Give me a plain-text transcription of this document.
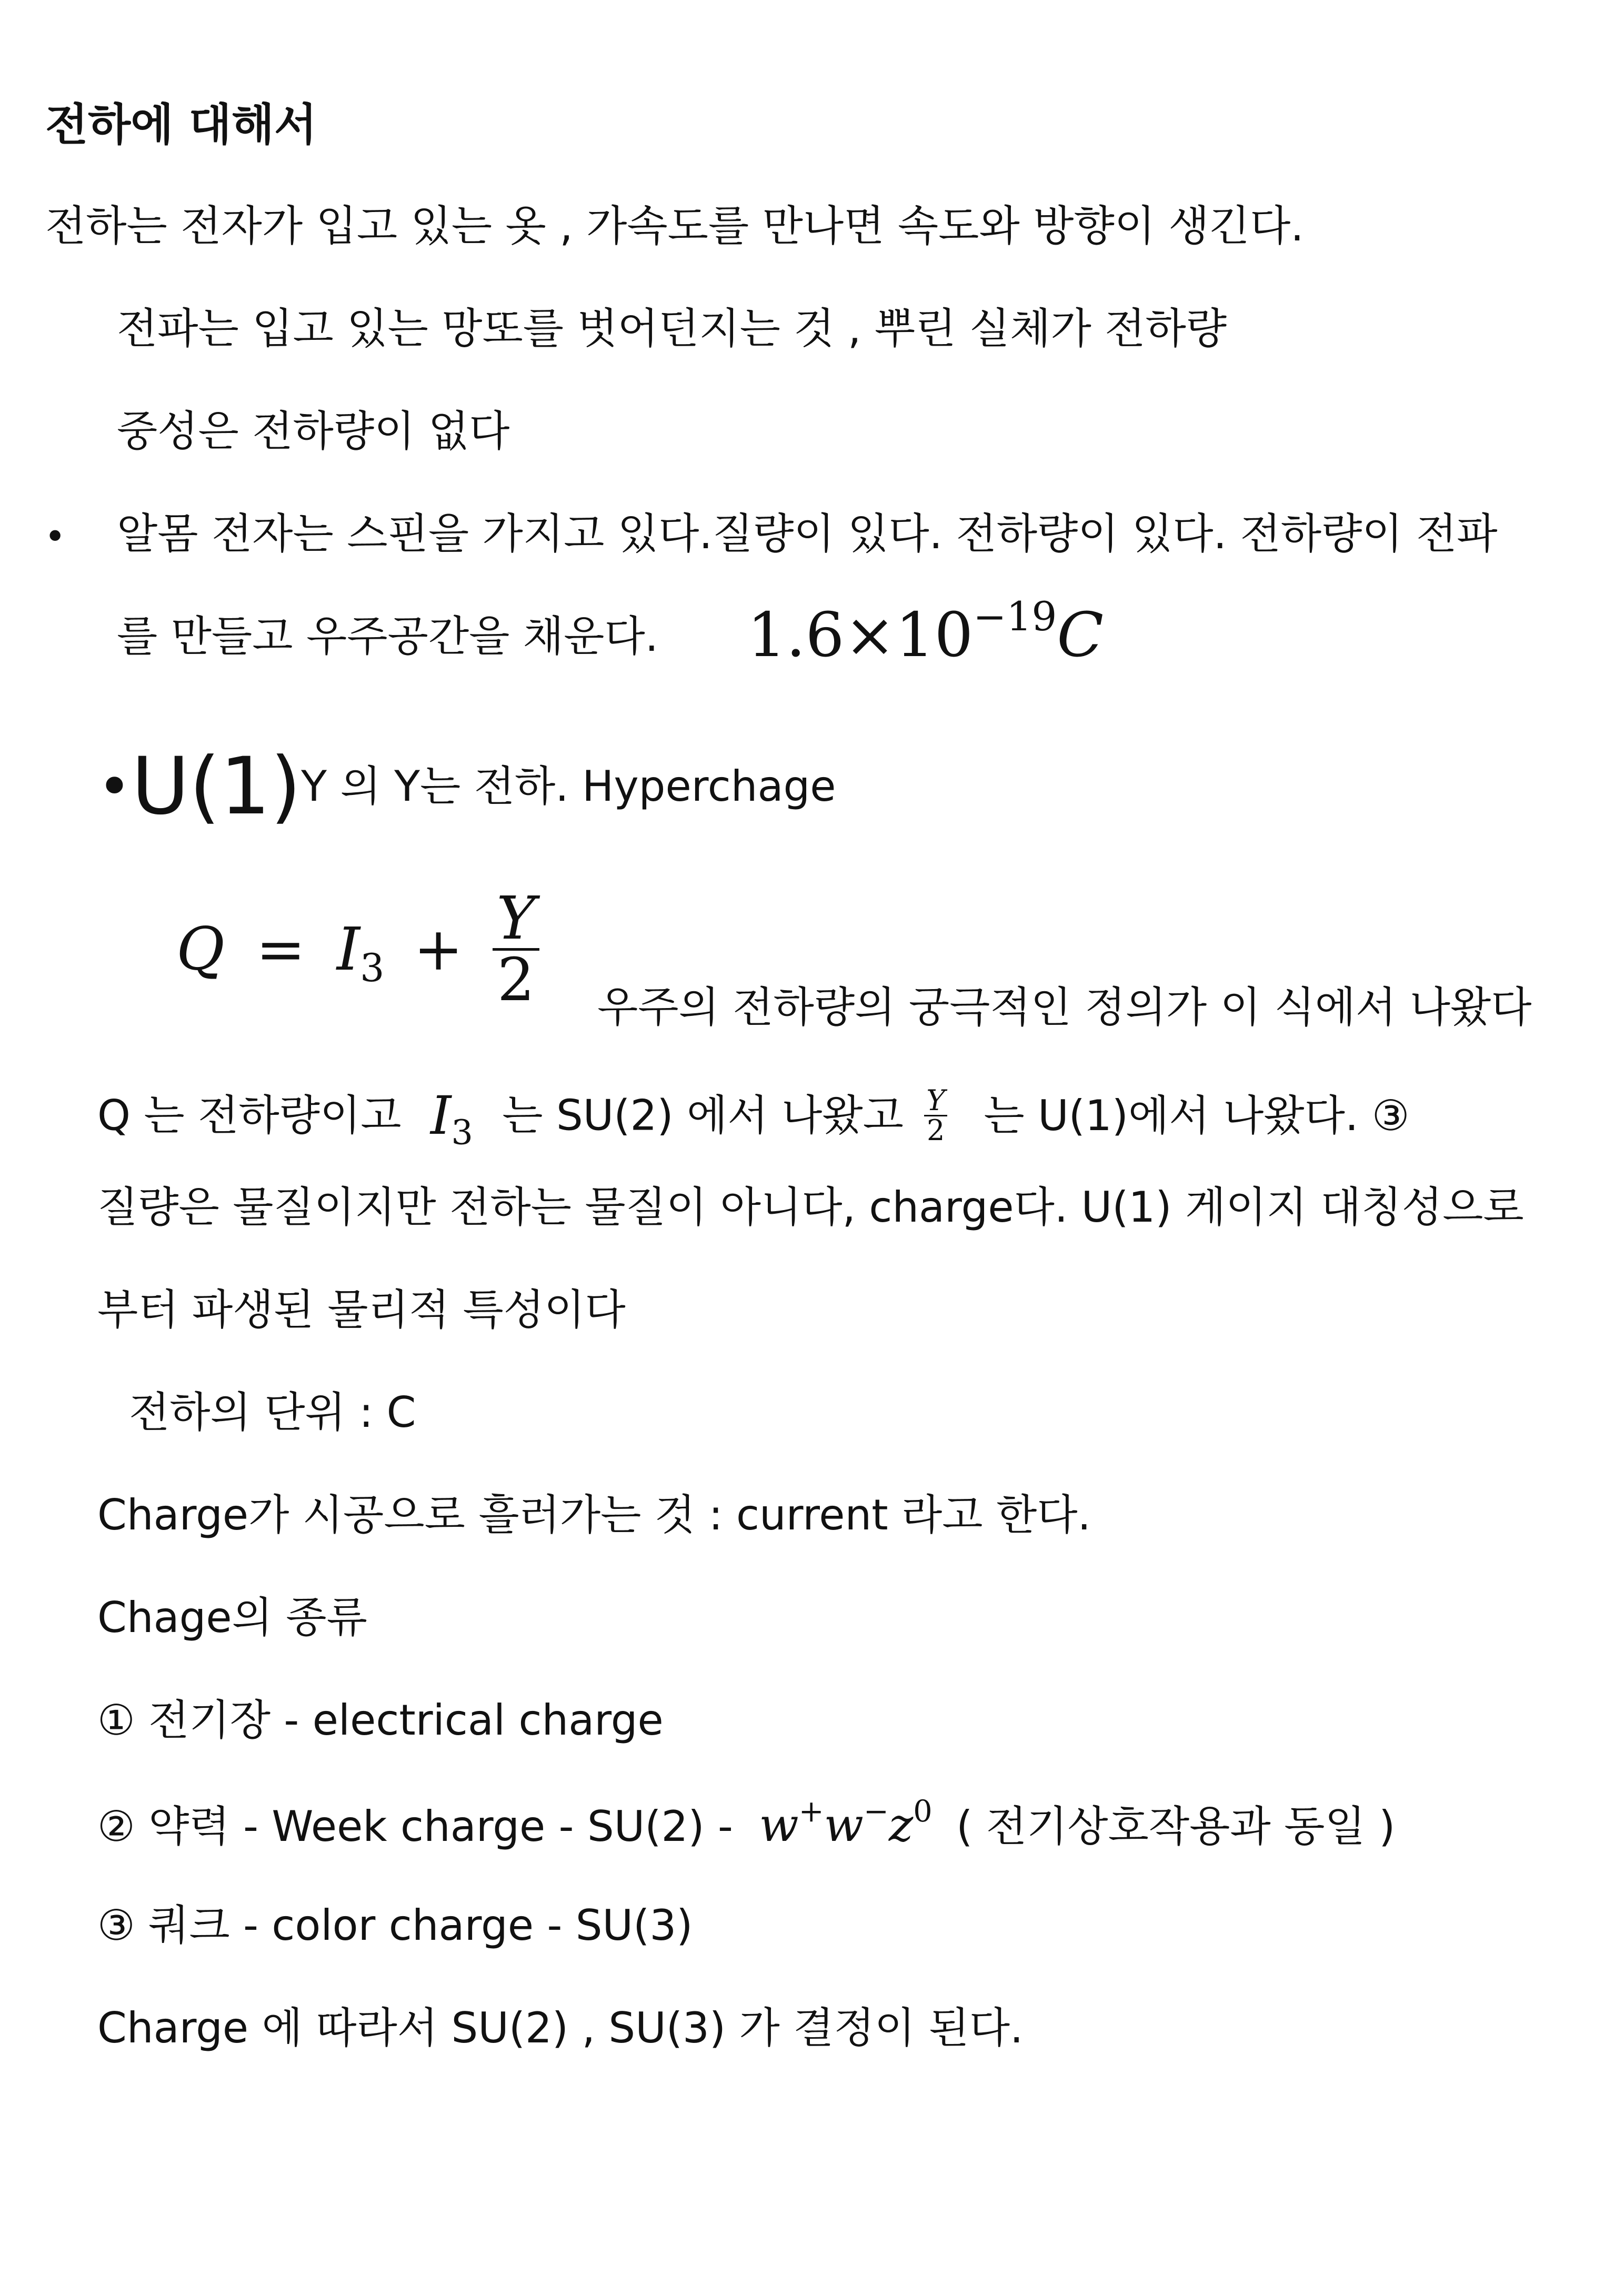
전하에 대해서
전하는 전자가 입고 있는 옷 , 가속도를 만나면 속도와 방향이 생긴다.
전파는 입고 있는 망또를 벗어던지는 것 , 뿌린 실체가 전하량
중성은 전하량이 없다
• 알몸 전자는 스핀을 가지고 있다.질량이 있다. 전하량이 있다. 전하량이 전파
를 만들고 우주공간을 채운다. $1.6\times 10^{-19}C$
•U(1)Y 의 Y는 전하. Hyperchage
$Q = I_3 + \frac{Y}{2}$ 우주의 전하량의 궁극적인 정의가 이 식에서 나왔다
Q 는 전하량이고 $I_3$ 는 SU(2) 에서 나왔고 $\frac{Y}{2}$ 는 U(1)에서 나왔다. ③
질량은 물질이지만 전하는 물질이 아니다, charge다. U(1) 게이지 대칭성으로
부터 파생된 물리적 특성이다
전하의 단위 : C
Charge가 시공으로 흘러가는 것 : current 라고 한다.
Chage의 종류
① 전기장 - electrical charge
② 약력 - Week charge - $SU(2) - w^+w^-z^0$ ( 전기상호작용과 동일 )
③ 쿼크 - color charge - SU(3)
Charge 에 따라서 SU(2) , SU(3) 가 결정이 된다.
